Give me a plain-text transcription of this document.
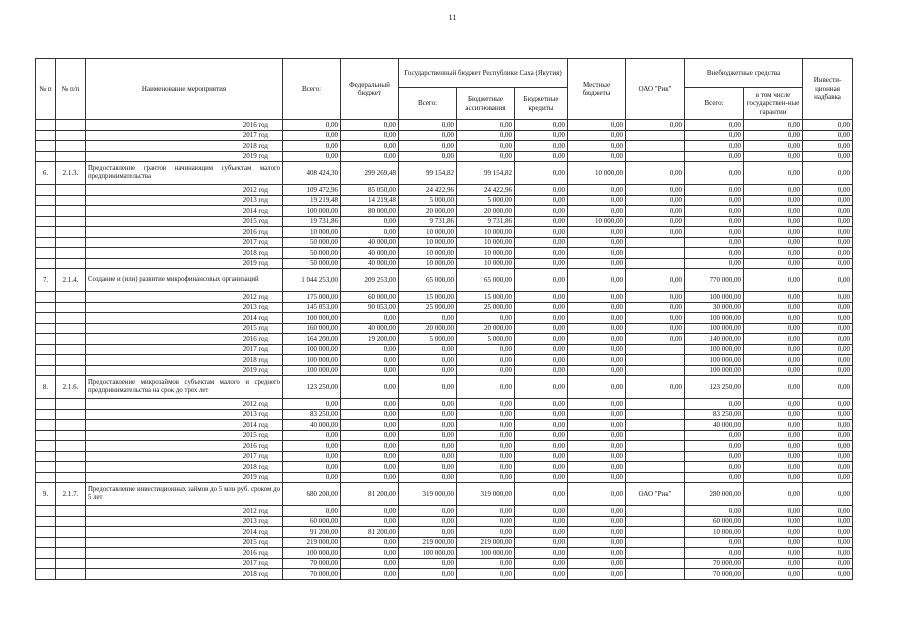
11
№ п	№ п/п	Наименование мероприятия	Всего:	Федеральный бюджет	Государственный бюджет Республики Саха (Якутия)			Местные бюджеты	ОАО "Рик"	Внебюджетные средства		Инвести-ционная надбавка
					Всего:	Бюджетные ассигнования	Бюджетные кредиты			Всего:	в том числе государствен-ные гарантии	
		2016 год	0,00	0,00	0,00	0,00	0,00	0,00	0,00	0,00	0,00	0,00
		2017 год	0,00	0,00	0,00	0,00	0,00	0,00		0,00	0,00	0,00
		2018 год	0,00	0,00	0,00	0,00	0,00	0,00		0,00	0,00	0,00
		2019 год	0,00	0,00	0,00	0,00	0,00	0,00		0,00	0,00	0,00
6.	2.1.3.	Предоставление грантов начинающим субъектам малого предпринимательства	408 424,30	299 269,48	99 154,82	99 154,82	0,00	10 000,00	0,00	0,00	0,00	0,00
		2012 год	109 472,96	85 050,00	24 422,96	24 422,96	0,00	0,00	0,00	0,00	0,00	0,00
		2013 год	19 219,48	14 219,48	5 000,00	5 000,00	0,00	0,00	0,00	0,00	0,00	0,00
		2014 год	100 000,00	80 000,00	20 000,00	20 000,00	0,00	0,00	0,00	0,00	0,00	0,00
		2015 год	19 731,86	0,00	9 731,86	9 731,86	0,00	10 000,00	0,00	0,00	0,00	0,00
		2016 год	10 000,00	0,00	10 000,00	10 000,00	0,00	0,00	0,00	0,00	0,00	0,00
		2017 год	50 000,00	40 000,00	10 000,00	10 000,00	0,00	0,00		0,00	0,00	0,00
		2018 год	50 000,00	40 000,00	10 000,00	10 000,00	0,00	0,00		0,00	0,00	0,00
		2019 год	50 000,00	40 000,00	10 000,00	10 000,00	0,00	0,00		0,00	0,00	0,00
7.	2.1.4.	Создание и (или) развитие микрофинансовых организаций	1 044 253,00	209 253,00	65 000,00	65 000,00	0,00	0,00	0,00	770 000,00	0,00	0,00
		2012 год	175 000,00	60 000,00	15 000,00	15 000,00	0,00	0,00	0,00	100 000,00	0,00	0,00
		2013 год	145 053,00	90 053,00	25 000,00	25 000,00	0,00	0,00	0,00	30 000,00	0,00	0,00
		2014 год	100 000,00	0,00	0,00	0,00	0,00	0,00	0,00	100 000,00	0,00	0,00
		2015 год	160 000,00	40 000,00	20 000,00	20 000,00	0,00	0,00	0,00	100 000,00	0,00	0,00
		2016 год	164 200,00	19 200,00	5 000,00	5 000,00	0,00	0,00	0,00	140 000,00	0,00	0,00
		2017 год	100 000,00	0,00	0,00	0,00	0,00	0,00		100 000,00	0,00	0,00
		2018 год	100 000,00	0,00	0,00	0,00	0,00	0,00		100 000,00	0,00	0,00
		2019 год	100 000,00	0,00	0,00	0,00	0,00	0,00		100 000,00	0,00	0,00
8.	2.1.6.	Предоставление микрозаймов субъектам малого и среднего предпринимательства на срок до трех лет	123 250,00	0,00	0,00	0,00	0,00	0,00	0,00	123 250,00	0,00	0,00
		2012 год	0,00	0,00	0,00	0,00	0,00	0,00		0,00	0,00	0,00
		2013 год	83 250,00	0,00	0,00	0,00	0,00	0,00		83 250,00	0,00	0,00
		2014 год	40 000,00	0,00	0,00	0,00	0,00	0,00		40 000,00	0,00	0,00
		2015 год	0,00	0,00	0,00	0,00	0,00	0,00		0,00	0,00	0,00
		2016 год	0,00	0,00	0,00	0,00	0,00	0,00		0,00	0,00	0,00
		2017 год	0,00	0,00	0,00	0,00	0,00	0,00		0,00	0,00	0,00
		2018 год	0,00	0,00	0,00	0,00	0,00	0,00		0,00	0,00	0,00
		2019 год	0,00	0,00	0,00	0,00	0,00	0,00		0,00	0,00	0,00
9.	2.1.7.	Предоставление инвестиционных займов до 5 млн руб. сроком до 5 лет	680 200,00	81 200,00	319 000,00	319 000,00	0,00	0,00	ОАО "Рик"	280 000,00	0,00	0,00
		2012 год	0,00	0,00	0,00	0,00	0,00	0,00		0,00	0,00	0,00
		2013 год	60 000,00	0,00	0,00	0,00	0,00	0,00		60 000,00	0,00	0,00
		2014 год	91 200,00	81 200,00	0,00	0,00	0,00	0,00		10 000,00	0,00	0,00
		2015 год	219 000,00	0,00	219 000,00	219 000,00	0,00	0,00		0,00	0,00	0,00
		2016 год	100 000,00	0,00	100 000,00	100 000,00	0,00	0,00		0,00	0,00	0,00
		2017 год	70 000,00	0,00	0,00	0,00	0,00	0,00		70 000,00	0,00	0,00
		2018 год	70 000,00	0,00	0,00	0,00	0,00	0,00		70 000,00	0,00	0,00
